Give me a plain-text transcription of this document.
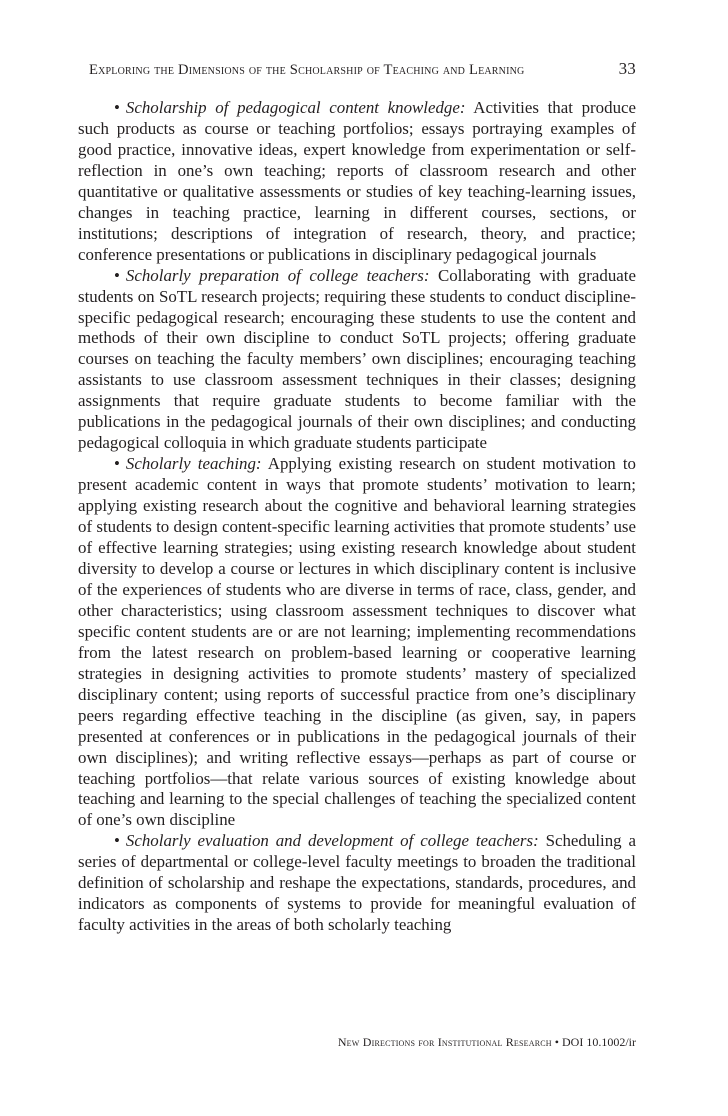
Exploring the Dimensions of the Scholarship of Teaching and Learning	33

• Scholarship of pedagogical content knowledge: Activities that produce such products as course or teaching portfolios; essays portraying examples of good practice, innovative ideas, expert knowledge from experimentation or self-reflection in one’s own teaching; reports of classroom research and other quantitative or qualitative assessments or studies of key teaching-learning issues, changes in teaching practice, learning in different courses, sections, or institutions; descriptions of integration of research, theory, and practice; conference presentations or publications in disciplinary pedagogical journals

• Scholarly preparation of college teachers: Collaborating with graduate students on SoTL research projects; requiring these students to conduct discipline-specific pedagogical research; encouraging these students to use the content and methods of their own discipline to conduct SoTL projects; offering graduate courses on teaching the faculty members’ own disciplines; encouraging teaching assistants to use classroom assessment techniques in their classes; designing assignments that require graduate students to become familiar with the publications in the pedagogical journals of their own disciplines; and conducting pedagogical colloquia in which graduate students participate

• Scholarly teaching: Applying existing research on student motivation to present academic content in ways that promote students’ motivation to learn; applying existing research about the cognitive and behavioral learning strategies of students to design content-specific learning activities that promote students’ use of effective learning strategies; using existing research knowledge about student diversity to develop a course or lectures in which disciplinary content is inclusive of the experiences of students who are diverse in terms of race, class, gender, and other characteristics; using classroom assessment techniques to discover what specific content students are or are not learning; implementing recommendations from the latest research on problem-based learning or cooperative learning strategies in designing activities to promote students’ mastery of specialized disciplinary content; using reports of successful practice from one’s disciplinary peers regarding effective teaching in the discipline (as given, say, in papers presented at conferences or in publications in the pedagogical journals of their own disciplines); and writing reflective essays—perhaps as part of course or teaching portfolios—that relate various sources of existing knowledge about teaching and learning to the special challenges of teaching the specialized content of one’s own discipline

• Scholarly evaluation and development of college teachers: Scheduling a series of departmental or college-level faculty meetings to broaden the traditional definition of scholarship and reshape the expectations, standards, procedures, and indicators as components of systems to provide for meaningful evaluation of faculty activities in the areas of both scholarly teaching

New Directions for Institutional Research • DOI 10.1002/ir
